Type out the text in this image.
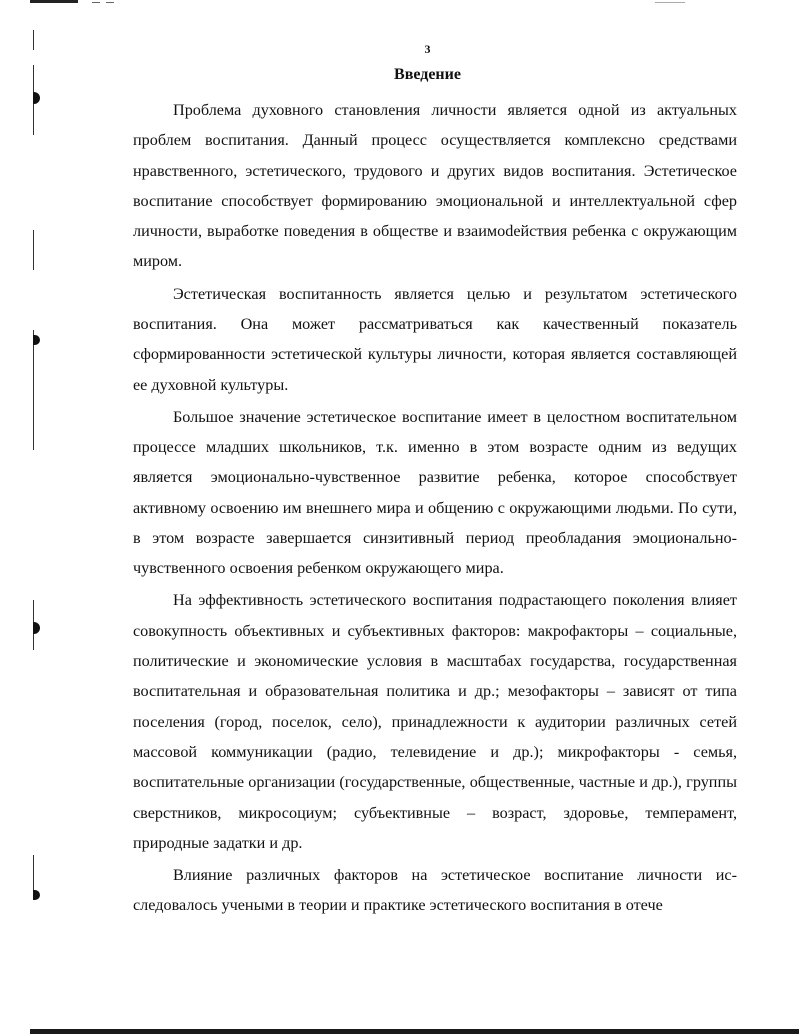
3
Введение

Проблема духовного становления личности является одной из актуальных проблем воспитания. Данный процесс осуществляется комплексно средствами нравственного, эстетического, трудового и других видов воспитания. Эстетическое воспитание способствует формированию эмоциональной и интеллектуальной сфер личности, выработке поведения в обществе и взаимоdействия ребенка с окружающим миром.

Эстетическая воспитанность является целью и результатом эстетического воспитания. Она может рассматриваться как качественный показатель сформированности эстетической культуры личности, которая является составляющей ее духовной культуры.

Большое значение эстетическое воспитание имеет в целостном воспитательном процессе младших школьников, т.к. именно в этом возрасте одним из ведущих является эмоционально-чувственное развитие ребенка, которое способствует активному освоению им внешнего мира и общению с окружающими людьми. По сути, в этом возрасте завершается синзитивный период преобладания эмоционально-чувственного освоения ребенком окружающего мира.

На эффективность эстетического воспитания подрастающего поколения влияет совокупность объективных и субъективных факторов: макрофакторы – социальные, политические и экономические условия в масштабах государства, государственная воспитательная и образовательная политика и др.; мезофакторы – зависят от типа поселения (город, поселок, село), принадлежности к аудитории различных сетей массовой коммуникации (радио, телевидение и др.); микрофакторы - семья, воспитательные организации (государственные, общественные, частные и др.), группы сверстников, микросоциум; субъективные – возраст, здоровье, темперамент, природные задатки и др.

Влияние различных факторов на эстетическое воспитание личности исследовалось учеными в теории и практике эстетического воспитания в отече
